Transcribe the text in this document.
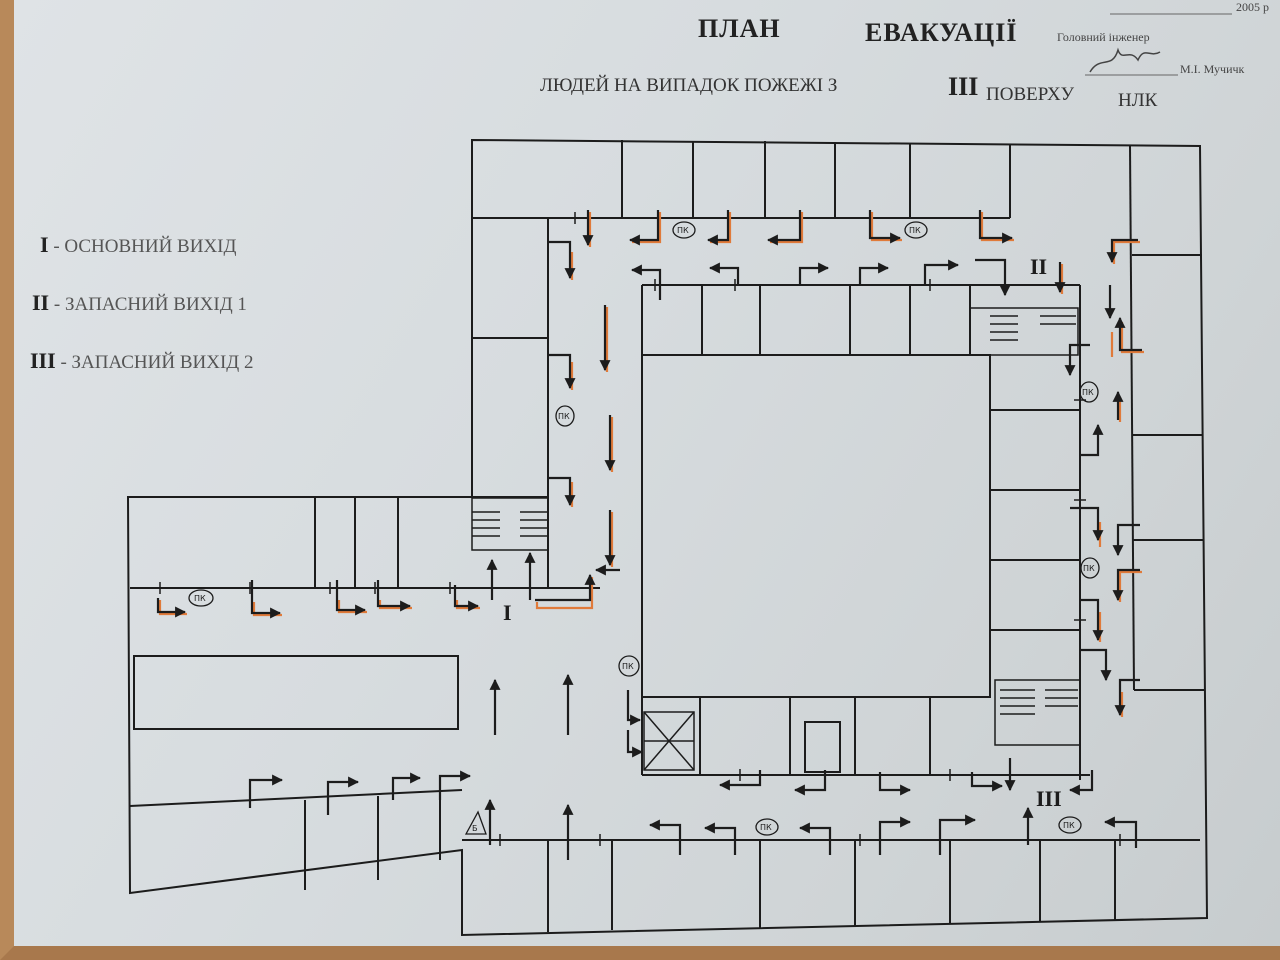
ПЛАН	ЕВАКУАЦІЇ
ЛЮДЕЙ НА ВИПАДОК ПОЖЕЖІ З	III ПОВЕРХУ НЛК
2005 р
Головний інженер
М.І. Мучичк
I - ОСНОВНИЙ ВИХІД
II - ЗАПАСНИЙ ВИХІД 1
III - ЗАПАСНИЙ ВИХІД 2
I
II
III
ПК	ПК
ПК
ПК
ПК
ПК
ПК
ПК	ПК
Б
